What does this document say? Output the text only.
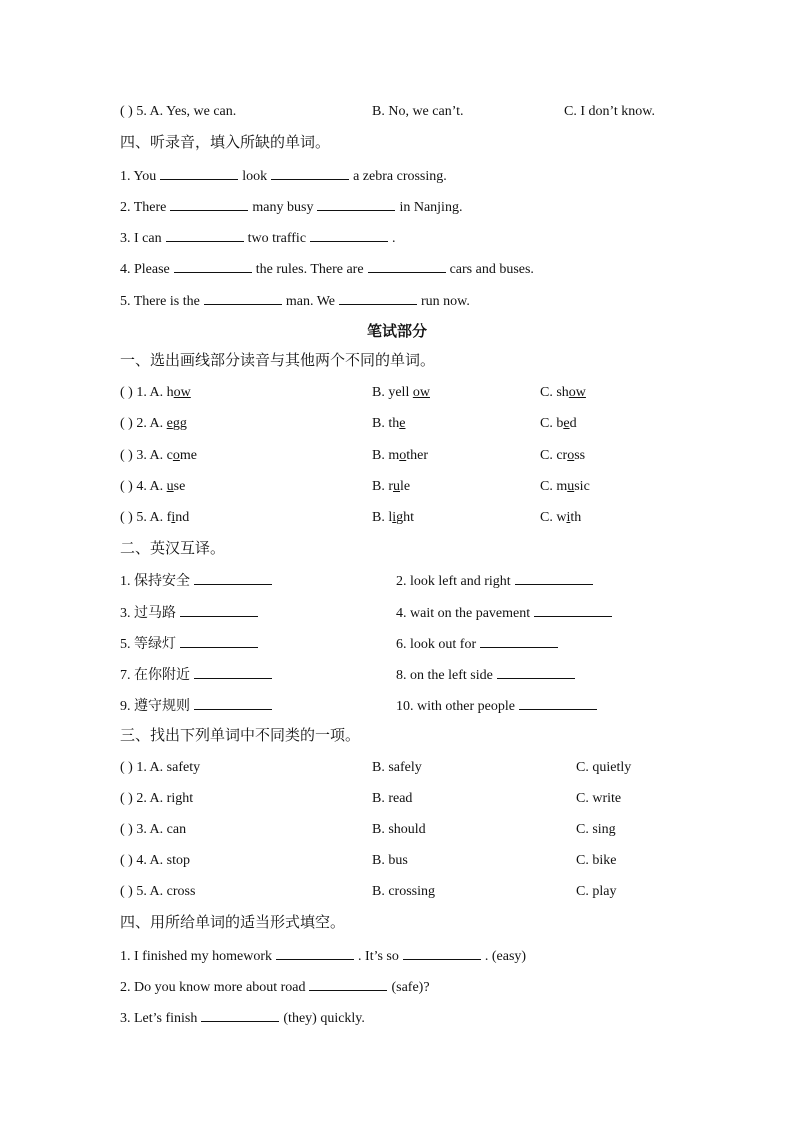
( ) 5. A. Yes, we can.	B. No, we can’t.	C. I don’t know.
四、听录音，填入所缺的单词。
1. You	look	a zebra crossing.
2. There	many busy	in Nanjing.
3. I can	two traffic	.
4. Please	the rules. There are	cars and buses.
5. There is the	man. We	run now.
笔试部分
一、选出画线部分读音与其他两个不同的单词。
( ) 1. A. how	B. yell ow	C. show
( ) 2. A. egg	B. the	C. bed
( ) 3. A. come	B. mother	C. cross
( ) 4. A. use	B. rule	C. music
( ) 5. A. find	B. light	C. with
二、英汉互译。
1. 保持安全	2. look left and right
3. 过马路	4. wait on the pavement
5. 等绿灯	6. look out for
7. 在你附近	8. on the left side
9. 遵守规则	10. with other people
三、找出下列单词中不同类的一项。
( ) 1. A. safety	B. safely	C. quietly
( ) 2. A. right	B. read	C. write
( ) 3. A. can	B. should	C. sing
( ) 4. A. stop	B. bus	C. bike
( ) 5. A. cross	B. crossing	C. play
四、用所给单词的适当形式填空。
1. I finished my homework	. It’s so	. (easy)
2. Do you know more about road	(safe)?
3. Let’s finish	(they) quickly.
